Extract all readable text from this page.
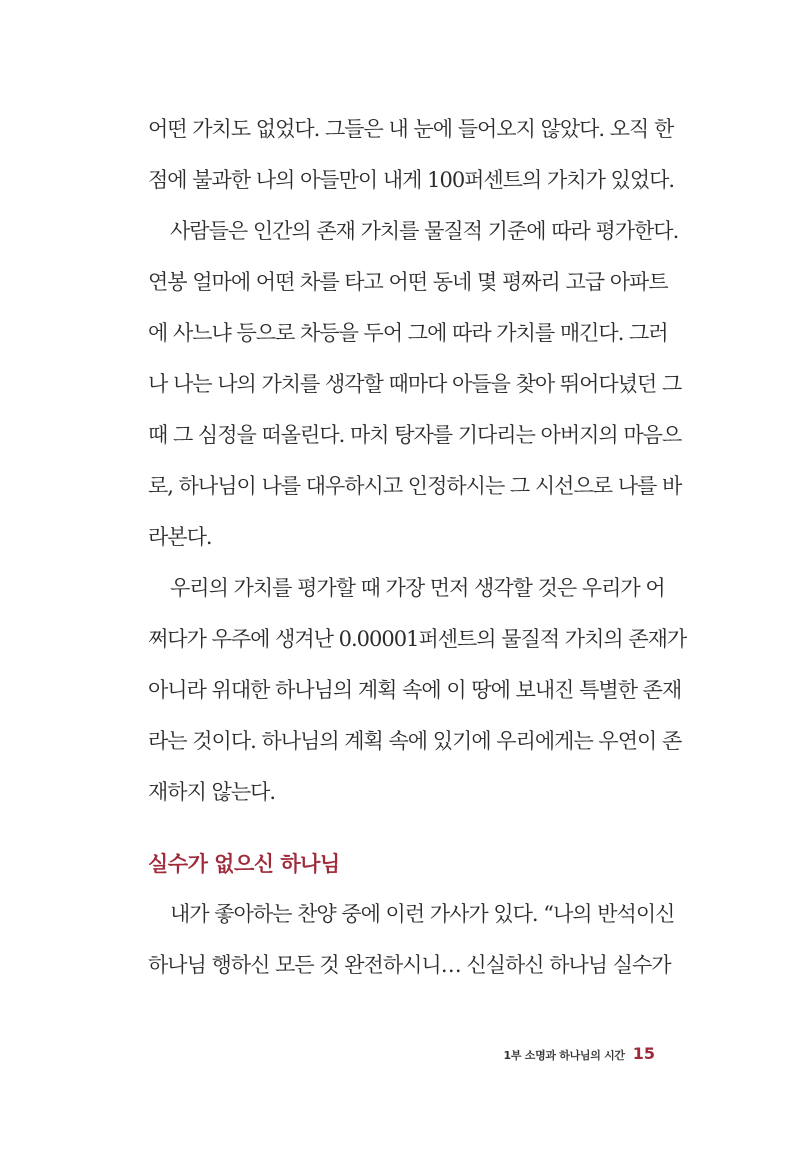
어떤 가치도 없었다. 그들은 내 눈에 들어오지 않았다. 오직 한
점에 불과한 나의 아들만이 내게 100퍼센트의 가치가 있었다.
사람들은 인간의 존재 가치를 물질적 기준에 따라 평가한다.
연봉 얼마에 어떤 차를 타고 어떤 동네 몇 평짜리 고급 아파트
에 사느냐 등으로 차등을 두어 그에 따라 가치를 매긴다. 그러
나 나는 나의 가치를 생각할 때마다 아들을 찾아 뛰어다녔던 그
때 그 심정을 떠올린다. 마치 탕자를 기다리는 아버지의 마음으
로, 하나님이 나를 대우하시고 인정하시는 그 시선으로 나를 바
라본다.
우리의 가치를 평가할 때 가장 먼저 생각할 것은 우리가 어
쩌다가 우주에 생겨난 0.00001퍼센트의 물질적 가치의 존재가
아니라 위대한 하나님의 계획 속에 이 땅에 보내진 특별한 존재
라는 것이다. 하나님의 계획 속에 있기에 우리에게는 우연이 존
재하지 않는다.
실수가 없으신 하나님
내가 좋아하는 찬양 중에 이런 가사가 있다. “나의 반석이신
하나님 행하신 모든 것 완전하시니… 신실하신 하나님 실수가
1부 소명과 하나님의 시간 15
